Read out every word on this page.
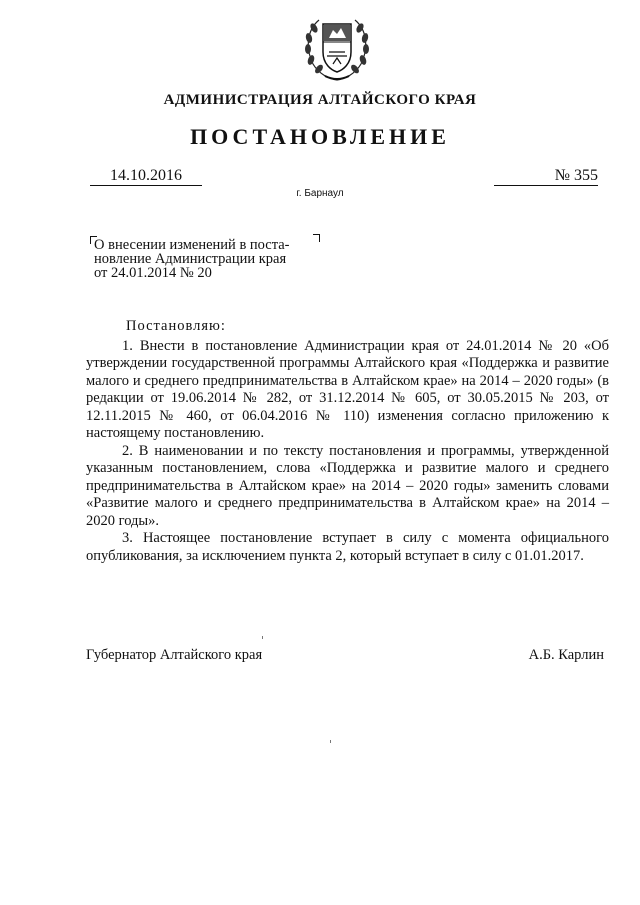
АДМИНИСТРАЦИЯ АЛТАЙСКОГО КРАЯ
ПОСТАНОВЛЕНИЕ
14.10.2016	№ 355
г. Барнаул
О внесении изменений в поста-
новление Администрации края
от 24.01.2014 № 20

Постановляю:

1. Внести в постановление Администрации края от 24.01.2014 № 20 «Об утверждении государственной программы Алтайского края «Поддержка и развитие малого и среднего предпринимательства в Алтайском крае» на 2014 – 2020 годы» (в редакции от 19.06.2014 № 282, от 31.12.2014 № 605, от 30.05.2015 № 203, от 12.11.2015 № 460, от 06.04.2016 № 110) изменения согласно приложению к настоящему постановлению.

2. В наименовании и по тексту постановления и программы, утвержденной указанным постановлением, слова «Поддержка и развитие малого и среднего предпринимательства в Алтайском крае» на 2014 – 2020 годы» заменить словами «Развитие малого и среднего предпринимательства в Алтайском крае» на 2014 – 2020 годы».

3. Настоящее постановление вступает в силу с момента официального опубликования, за исключением пункта 2, который вступает в силу с 01.01.2017.

Губернатор Алтайского края	А.Б. Карлин
